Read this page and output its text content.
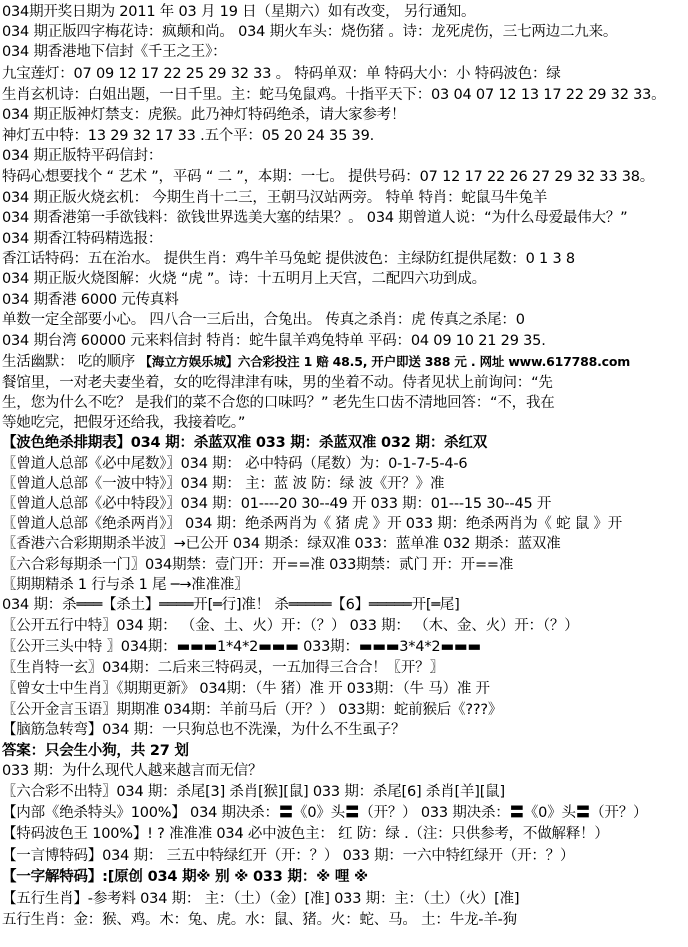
生活幽默： 吃的顺序 【海立方娱乐城】六合彩投注 1 赔 48.5, 开户即送 388 元 . 网址 www.617788.com
034期开奖日期为 2011 年 03 月 19 日（星期六）如有改变， 另行通知。
034 期正版四字梅花诗：疯颠和尚。 034 期火车头：烧伤猪 。诗：龙死虎伤，三七两边二九来。
034 期香港地下信封《千王之王》：
九宝莲灯：07 09 12 17 22 25 29 32 33 。 特码单双：单 特码大小：小 特码波色：绿
生肖玄机诗：白姐出题，一日千里。主：蛇马兔鼠鸡。十指平天下：03 04 07 12 13 17 22 29 32 33。
034 期正版神灯禁支：虎猴。此乃神灯特码绝杀，请大家参考！
神灯五中特：13 29 32 17 33 .五个平：05 20 24 35 39.
034 期正版特平码信封：
特码心想要找个 “ 艺术 ”，平码 “ 二 ”，本期：一七。 提供号码：07 12 17 22 26 27 29 32 33 38。
034 期正版火烧玄机： 今期生肖十二三，王朝马汉站两旁。 特单 特肖：蛇鼠马牛兔羊
034 期香港第一手欲钱料：欲钱世界选美大塞的结果？。 034 期曾道人说：“为什么母爱最伟大？”
034 期香江特码精选报：
香江话特码：五在治水。 提供生肖：鸡牛羊马兔蛇 提供波色：主绿防红提供尾数：0 1 3 8
034 期正版火烧图解：火烧 “虎 ”。诗：十五明月上天宫，二配四六功到成。
034 期香港 6000 元传真料
单数一定全部要小心。 四八合一三后出，合兔出。 传真之杀肖：虎 传真之杀尾：0
034 期台湾 60000 元来料信封 特肖：蛇牛鼠羊鸡兔特单 平码：04 09 10 21 29 35.
餐馆里，一对老夫妻坐着，女的吃得津津有味，男的坐着不动。侍者见状上前询问：“先
生，您为什么不吃？ 是我们的菜不合您的口味吗？” 老先生口齿不清地回答：“不，我在
等她吃完，把假牙还给我，我接着吃。”
【波色绝杀排期表】034 期：杀蓝双准 033 期：杀蓝双准 032 期：杀红双
〖曾道人总部《必中尾数》〗034 期： 必中特码（尾数）为：0-1-7-5-4-6
〖曾道人总部《一波中特》〗034 期： 主：蓝 波 防：绿 波《开？》准
〖曾道人总部《必中特段》〗034 期：01----20 30--49 开 033 期：01---15 30--45 开
〖曾道人总部《绝杀两肖》〗 034 期：绝杀两肖为《 猪 虎 》开 033 期：绝杀两肖为《 蛇 鼠 》开
〖香港六合彩期期杀半波〗→已公开 034 期杀：绿双准 033：蓝单准 032 期杀：蓝双准
〖六合彩每期杀一门〗034期禁：壹门开：开==准 033期禁：贰门 开：开==准
〖期期精杀 1 行与杀 1 尾 ─→准准准〗
034 期：杀═══【杀土】════开[═行]准！ 杀═════【6】═════开[═尾]
〖公开五行中特〗034 期： （金、土、火）开：（？） 033 期： （木、金、火）开：（？）
〖公开三头中特 〗034期：▬▬▬1*4*2▬▬▬ 033期：▬▬▬3*4*2▬▬▬
〖生肖特一玄〗034期：二后来三特码灵，一五加得三合合！〖开？〗
〖曾女士中生肖〗《期期更新》 034期：（牛 猪）准 开 033期：（牛 马）准 开
〖公开金言玉语〗期期准 034期：羊前马后（开？） 033期：蛇前猴后《???》
【脑筋急转弯】034 期：一只狗总也不洗澡，为什么不生虱子？
答案：只会生小狗，共 27 划
033 期：为什么现代人越来越言而无信？
〖六合彩不出特〗034 期：杀尾[3] 杀肖[猴][鼠] 033 期：杀尾[6] 杀肖[羊][鼠]
【内部《绝杀特头》100%】 034 期决杀：〓《0》头〓（开？） 033 期决杀：〓《0》头〓（开？）
【特码波色王 100%】! ? 准准准 034 必中波色主： 红 防：绿 .（注：只供参考，不做解释！）
【一言博特码】034 期： 三五中特绿红开（开：？） 033 期：一六中特红绿开（开：？）
【一字解特码】:[原创 034 期※ 别 ※ 033 期：※ 哩 ※
【五行生肖】-参考料 034 期： 主：（土）（金）[准] 033 期：主：（土）（火）[准]
五行生肖：金：猴、鸡。木：兔、虎。水：鼠、猪。火：蛇、马。 土：牛龙-羊-狗
